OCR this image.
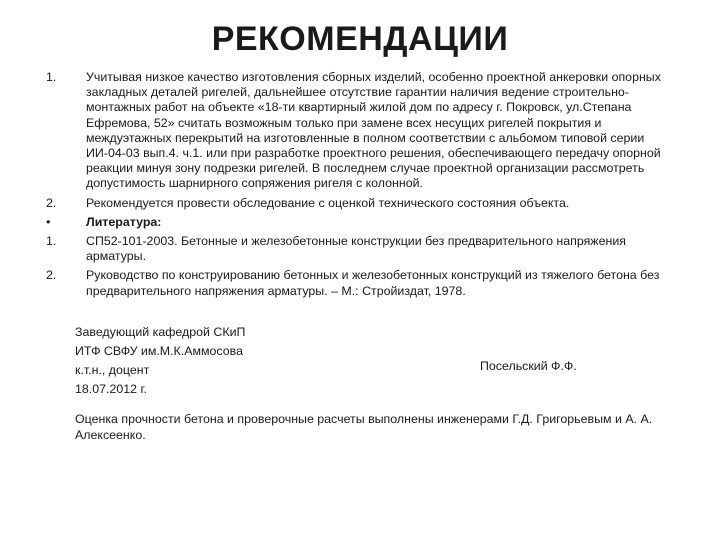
РЕКОМЕНДАЦИИ
1.	Учитывая низкое качество изготовления сборных изделий, особенно проектной анкеровки опорных закладных деталей ригелей, дальнейшее отсутствие гарантии наличия ведение строительно-монтажных работ на объекте «18-ти квартирный жилой дом по адресу г. Покровск, ул.Степана Ефремова, 52» считать возможным только при замене всех несущих ригелей покрытия и междуэтажных перекрытий на изготовленные в полном соответствии с альбомом типовой серии ИИ-04-03 вып.4. ч.1. или при разработке проектного решения, обеспечивающего передачу опорной реакции минуя зону подрезки ригелей. В последнем случае проектной организации рассмотреть допустимость шарнирного сопряжения ригеля с колонной.
2.	Рекомендуется провести обследование с оценкой технического состояния объекта.
•	Литература:
1.	СП52-101-2003. Бетонные и железобетонные конструкции без предварительного напряжения арматуры.
2.	Руководство по конструированию бетонных и железобетонных конструкций из тяжелого бетона без предварительного напряжения арматуры. – М.: Стройиздат, 1978.
Заведующий кафедрой СКиП
ИТФ СВФУ им.М.К.Аммосова
к.т.н., доцент
18.07.2012 г.
Посельский Ф.Ф.
Оценка прочности бетона и проверочные расчеты выполнены инженерами Г.Д. Григорьевым и А. А. Алексеенко.
